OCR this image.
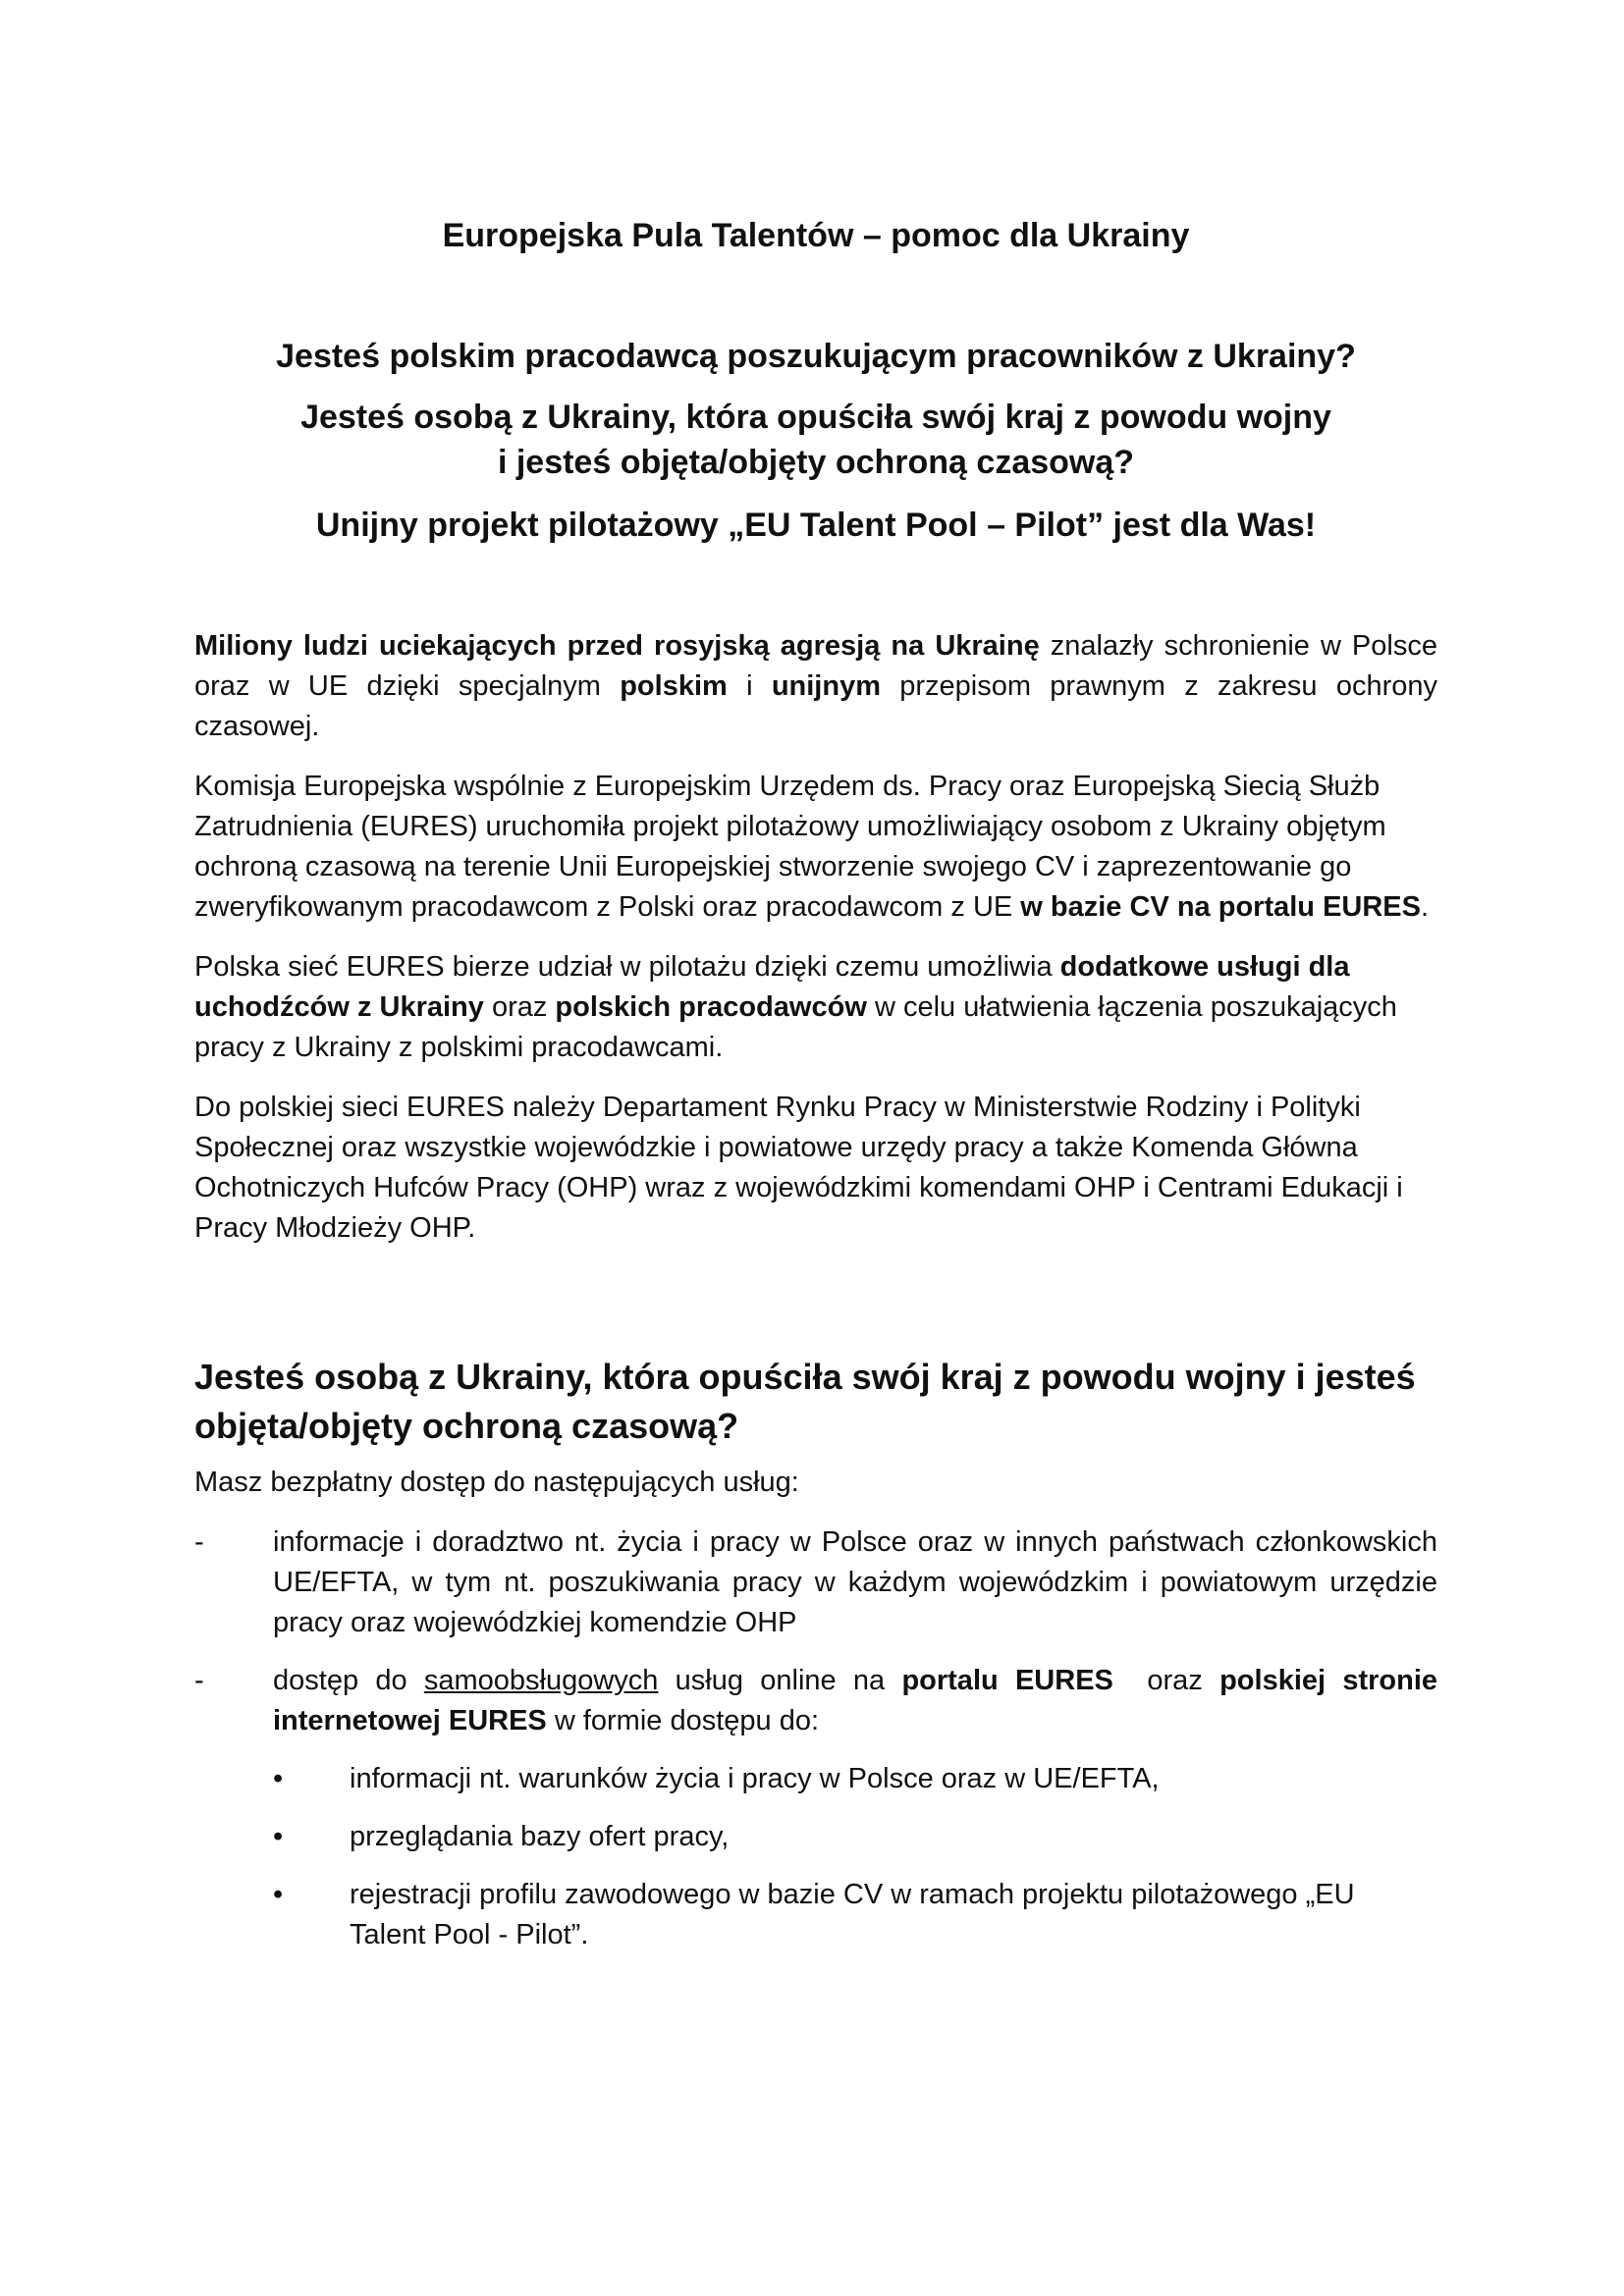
Europejska Pula Talentów – pomoc dla Ukrainy

Jesteś polskim pracodawcą poszukującym pracowników z Ukrainy?

Jesteś osobą z Ukrainy, która opuściła swój kraj z powodu wojny
i jesteś objęta/objęty ochroną czasową?

Unijny projekt pilotażowy „EU Talent Pool – Pilot” jest dla Was!

Miliony ludzi uciekających przed rosyjską agresją na Ukrainę znalazły schronienie w Polsce oraz w UE dzięki specjalnym polskim i unijnym przepisom prawnym z zakresu ochrony czasowej.

Komisja Europejska wspólnie z Europejskim Urzędem ds. Pracy oraz Europejską Siecią Służb Zatrudnienia (EURES) uruchomiła projekt pilotażowy umożliwiający osobom z Ukrainy objętym ochroną czasową na terenie Unii Europejskiej stworzenie swojego CV i zaprezentowanie go zweryfikowanym pracodawcom z Polski oraz pracodawcom z UE w bazie CV na portalu EURES.

Polska sieć EURES bierze udział w pilotażu dzięki czemu umożliwia dodatkowe usługi dla uchodźców z Ukrainy oraz polskich pracodawców w celu ułatwienia łączenia poszukających pracy z Ukrainy z polskimi pracodawcami.

Do polskiej sieci EURES należy Departament Rynku Pracy w Ministerstwie Rodziny i Polityki Społecznej oraz wszystkie wojewódzkie i powiatowe urzędy pracy a także Komenda Główna Ochotniczych Hufców Pracy (OHP) wraz z wojewódzkimi komendami OHP i Centrami Edukacji i Pracy Młodzieży OHP.

Jesteś osobą z Ukrainy, która opuściła swój kraj z powodu wojny i jesteś objęta/objęty ochroną czasową?

Masz bezpłatny dostęp do następujących usług:

- informacje i doradztwo nt. życia i pracy w Polsce oraz w innych państwach członkowskich UE/EFTA, w tym nt. poszukiwania pracy w każdym wojewódzkim i powiatowym urzędzie pracy oraz wojewódzkiej komendzie OHP
- dostęp do samoobsługowych usług online na portalu EURES  oraz polskiej stronie internetowej EURES w formie dostępu do:
• informacji nt. warunków życia i pracy w Polsce oraz w UE/EFTA,
• przeglądania bazy ofert pracy,
• rejestracji profilu zawodowego w bazie CV w ramach projektu pilotażowego „EU Talent Pool - Pilot”.
